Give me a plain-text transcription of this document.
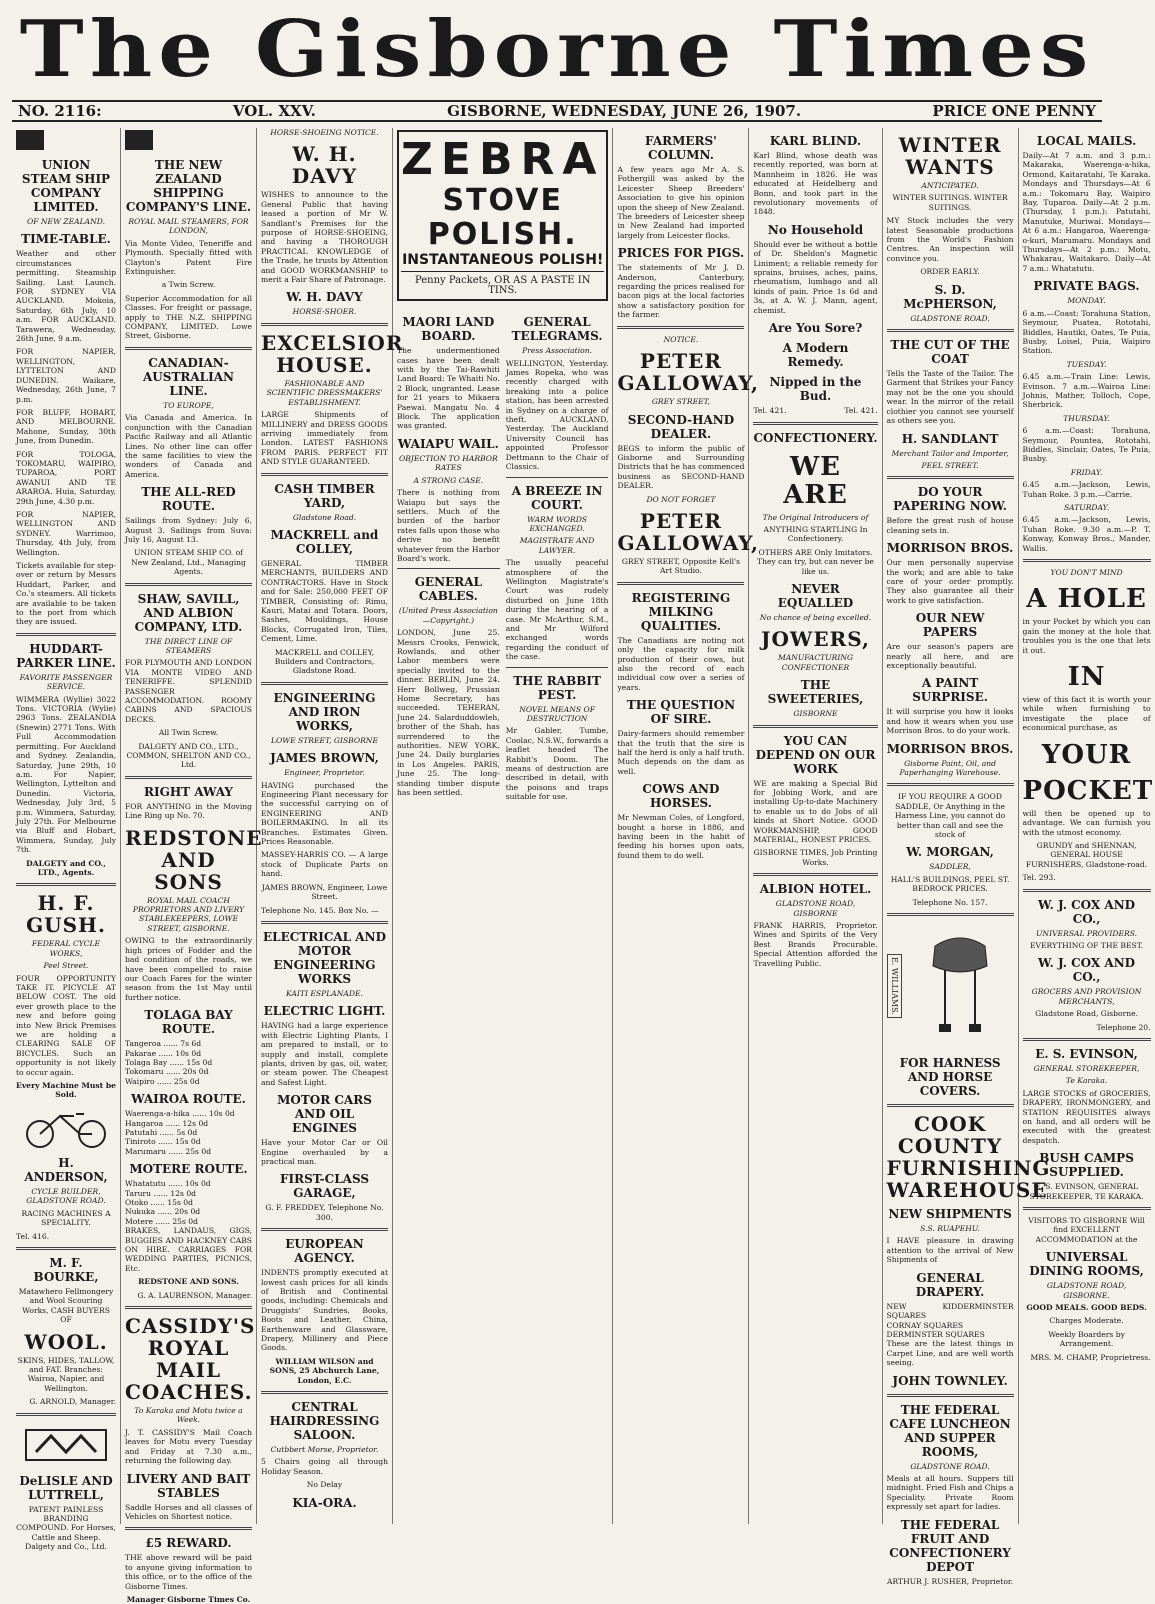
The Gisborne Times
NO. 2116:	VOL. XXV.	GISBORNE, WEDNESDAY, JUNE 26, 1907.	PRICE ONE PENNY
UNION STEAM SHIP COMPANY LIMITED.
OF NEW ZEALAND.
TIME-TABLE.

Weather and other circumstances permitting. Steamship Sailing. Last Launch. FOR SYDNEY VIA AUCKLAND. Mokoia, Saturday, 6th July, 10 a.m. FOR AUCKLAND. Tarawera, Wednesday, 26th June, 9 a.m.

FOR NAPIER, WELLINGTON, LYTTELTON AND DUNEDIN. Waikare, Wednesday, 26th June, 7 p.m.

FOR BLUFF, HOBART, AND MELBOURNE. Mahone, Sunday, 30th June, from Dunedin.

FOR TOLOGA, TOKOMARU, WAIPIRO, TUPAROA, PORT AWANUI AND TE ARAROA. Huia, Saturday, 29th June, 4.30 p.m.

FOR NAPIER, WELLINGTON AND SYDNEY. Warrimoo, Thursday, 4th July, from Wellington.

Tickets available for step-over or return by Messrs Huddart, Parker, and Co.'s steamers. All tickets are available to be taken to the port from which they are issued.

HUDDART-PARKER LINE.
FAVORITE PASSENGER SERVICE.

WIMMERA (Wyllie) 3022 Tons. VICTORIA (Wylie) 2963 Tons. ZEALANDIA (Snewin) 2771 Tons. With Full Accommodation permitting. For Auckland and Sydney. Zealandia, Saturday, June 29th, 10 a.m. For Napier, Wellington, Lyttelton and Dunedin. Victoria, Wednesday, July 3rd, 5 p.m. Wimmera, Saturday, July 27th. For Melbourne via Bluff and Hobart, Wimmera, Sunday, July 7th.

DALGETY and CO., LTD., Agents.

H. F. GUSH.
FEDERAL CYCLE WORKS,
Peel Street.

FOUR OPPORTUNITY TAKE IT. PICYCLE AT BELOW COST. The old ever growth place to the new and before going into New Brick Premises we are holding a CLEARING SALE OF BICYCLES. Such an opportunity is not likely to occur again.

Every Machine Must be Sold.

H. ANDERSON,
CYCLE BUILDER, GLADSTONE ROAD.

RACING MACHINES A SPECIALITY.

Tel. 416.

M. F. BOURKE,

Matawhero Fellmongery and Wool Scouring Works, CASH BUYERS OF

WOOL.

SKINS, HIDES, TALLOW, and FAT. Branches: Wairoa, Napier, and Wellington.

G. ARNOLD, Manager.

DeLISLE AND LUTTRELL,

PATENT PAINLESS BRANDING COMPOUND. For Horses, Cattle and Sheep. Dalgety and Co., Ltd.

THE NEW ZEALAND SHIPPING COMPANY'S LINE.
ROYAL MAIL STEAMERS, FOR LONDON,

Via Monte Video, Teneriffe and Plymouth. Specially fitted with Clayton's Patent Fire Extinguisher.

a Twin Screw.

Superior Accommodation for all Classes. For freight or passage, apply to THE N.Z. SHIPPING COMPANY, LIMITED. Lowe Street, Gisborne.

CANADIAN-AUSTRALIAN LINE.
TO EUROPE,

Via Canada and America. In conjunction with the Canadian Pacific Railway and all Atlantic Lines. No other line can offer the same facilities to view the wonders of Canada and America.

THE ALL-RED ROUTE.

Sailings from Sydney: July 6, August 3. Sailings from Suva: July 16, August 13.

UNION STEAM SHIP CO. of New Zealand, Ltd., Managing Agents.

SHAW, SAVILL, AND ALBION COMPANY, LTD.
THE DIRECT LINE OF STEAMERS

FOR PLYMOUTH AND LONDON VIA MONTE VIDEO AND TENERIFFE. SPLENDID PASSENGER ACCOMMODATION. ROOMY CABINS AND SPACIOUS DECKS.

All Twin Screw.

DALGETY AND CO., LTD., COMMON, SHELTON AND CO., Ltd.

RIGHT AWAY

FOR ANYTHING in the Moving Line Ring up No. 70.

REDSTONE AND SONS
ROYAL MAIL COACH PROPRIETORS AND LIVERY STABLEKEEPERS, LOWE STREET, GISBORNE.

OWING to the extraordinarily high prices of Fodder and the bad condition of the roads, we have been compelled to raise our Coach Fares for the winter season from the 1st May until further notice.

TOLAGA BAY ROUTE.
Tangeroa ...... 7s 6d
Pakarae ...... 10s 0d
Tolaga Bay ...... 15s 0d
Tokomaru ...... 20s 0d
Waipiro ...... 25s 0d
WAIROA ROUTE.
Waerenga-a-hika ...... 10s 0d
Hangaroa ...... 12s 0d
Patutahi ...... 5s 0d
Tiniroto ...... 15s 0d
Marumaru ...... 25s 0d
MOTERE ROUTE.
Whatatutu ...... 10s 0d
Taruru ...... 12s 0d
Otoko ...... 15s 0d
Nukuka ...... 20s 0d
Motere ...... 25s 0d

BRAKES, LANDAUS, GIGS, BUGGIES AND HACKNEY CABS ON HIRE. CARRIAGES FOR WEDDING PARTIES, PICNICS, Etc.

REDSTONE AND SONS.

G. A. LAURENSON, Manager.

CASSIDY'S ROYAL MAIL COACHES.
To Karaka and Motu twice a Week.

J. T. CASSIDY'S Mail Coach leaves for Motu every Tuesday and Friday at 7.30 a.m., returning the following day.

LIVERY AND BAIT STABLES

Saddle Horses and all classes of Vehicles on Shortest notice.

£5 REWARD.

THE above reward will be paid to anyone giving information to this office, or to the office of the Gisborne Times.

Manager Gisborne Times Co.

HORSE-SHOEING NOTICE.
W. H. DAVY

WISHES to announce to the General Public that having leased a portion of Mr W. Sandlant's Premises for the purpose of HORSE-SHOEING, and having a THOROUGH PRACTICAL KNOWLEDGE of the Trade, he trusts by Attention and GOOD WORKMANSHIP to merit a Fair Share of Patronage.

W. H. DAVY
HORSE-SHOER.
EXCELSIOR HOUSE.
FASHIONABLE AND SCIENTIFIC DRESSMAKERS' ESTABLISHMENT.

LARGE Shipments of MILLINERY and DRESS GOODS arriving immediately from London. LATEST FASHIONS FROM PARIS. PERFECT FIT AND STYLE GUARANTEED.

CASH TIMBER YARD,
Gladstone Road.
MACKRELL and COLLEY,

GENERAL TIMBER MERCHANTS, BUILDERS AND CONTRACTORS. Have in Stock and for Sale: 250,000 FEET OF TIMBER, Consisting of: Rimu, Kauri, Matai and Totara. Doors, Sashes, Mouldings, House Blocks, Corrugated Iron, Tiles, Cement, Lime.

MACKRELL and COLLEY, Builders and Contractors, Gladstone Road.

ENGINEERING AND IRON WORKS,
LOWE STREET, GISBORNE
JAMES BROWN,
Engineer, Proprietor.

HAVING purchased the Engineering Plant necessary for the successful carrying on of ENGINEERING AND BOILERMAKING. In all its Branches. Estimates Given. Prices Reasonable.

MASSEY-HARRIS CO. — A large stock of Duplicate Parts on hand.

JAMES BROWN, Engineer, Lowe Street.

Telephone No. 145. Box No. —

ELECTRICAL AND MOTOR ENGINEERING WORKS
KAITI ESPLANADE.
ELECTRIC LIGHT.

HAVING had a large experience with Electric Lighting Plants, I am prepared to install, or to supply and install, complete plants, driven by gas, oil, water, or steam power. The Cheapest and Safest Light.

MOTOR CARS AND OIL ENGINES

Have your Motor Car or Oil Engine overhauled by a practical man.

FIRST-CLASS GARAGE,

G. F. FREDDEY, Telephone No. 300.

EUROPEAN AGENCY.

INDENTS promptly executed at lowest cash prices for all kinds of British and Continental goods, including: Chemicals and Druggists' Sundries, Books, Boots and Leather, China, Earthenware and Glassware, Drapery, Millinery and Piece Goods.

WILLIAM WILSON and SONS, 25 Abchurch Lane, London, E.C.

CENTRAL HAIRDRESSING SALOON.
Cutbbert Morse, Proprietor.

5 Chairs going all through Holiday Season.

No Delay

KIA-ORA.
ZEBRA
STOVE POLISH.
INSTANTANEOUS POLISH!
Penny Packets, OR AS A PASTE IN TINS.
MAORI LAND BOARD.

The undermentioned cases have been dealt with by the Tai-Rawhiti Land Board: Te Whaiti No. 2 Block, ungranted. Lease for 21 years to Mikaera Paewai. Mangatu No. 4 Block. The application was granted.

WAIAPU WAIL.
OBJECTION TO HARBOR RATES
A STRONG CASE.

There is nothing from Waiapu but says the settlers. Much of the burden of the harbor rates falls upon those who derive no benefit whatever from the Harbor Board's work.

GENERAL CABLES.
(United Press Association—Copyright.)

LONDON, June 25. Messrs Crooks, Fenwick, Rowlands, and other Labor members were specially invited to the dinner. BERLIN, June 24. Herr Bollweg, Prussian Home Secretary, has succeeded. TEHERAN, June 24. Salarduddowleh, brother of the Shah, has surrendered to the authorities. NEW YORK, June 24. Daily burglaries in Los Angeles. PARIS, June 25. The long-standing timber dispute has been settled.

GENERAL TELEGRAMS.
Press Association.

WELLINGTON, Yesterday. James Ropeka, who was recently charged with breaking into a police station, has been arrested in Sydney on a charge of theft. AUCKLAND, Yesterday. The Auckland University Council has appointed Professor Dettmann to the Chair of Classics.

A BREEZE IN COURT.
WARM WORDS EXCHANGED.
MAGISTRATE AND LAWYER.

The usually peaceful atmosphere of the Wellington Magistrate's Court was rudely disturbed on June 18th during the hearing of a case. Mr McArthur, S.M., and Mr Wilford exchanged words regarding the conduct of the case.

THE RABBIT PEST.
NOVEL MEANS OF DESTRUCTION

Mr Gabler, Tumbe, Coolac, N.S.W., forwards a leaflet headed The Rabbit's Doom. The means of destruction are described in detail, with the poisons and traps suitable for use.

FARMERS' COLUMN.

A few years ago Mr A. S. Fothergill was asked by the Leicester Sheep Breeders' Association to give his opinion upon the sheep of New Zealand. The breeders of Leicester sheep in New Zealand had imported largely from Leicester flocks.

PRICES FOR PIGS.

The statements of Mr J. D. Anderson, Canterbury, regarding the prices realised for bacon pigs at the local factories show a satisfactory position for the farmer.

NOTICE.
PETER GALLOWAY,
GREY STREET,
SECOND-HAND DEALER.

BEGS to inform the public of Gisborne and Surrounding Districts that he has commenced business as SECOND-HAND DEALER.

DO NOT FORGET
PETER GALLOWAY,

GREY STREET, Opposite Kell's Art Studio.

REGISTERING MILKING QUALITIES.

The Canadians are noting not only the capacity for milk production of their cows, but also the record of each individual cow over a series of years.

THE QUESTION OF SIRE.

Dairy-farmers should remember that the truth that the sire is half the herd is only a half truth. Much depends on the dam as well.

COWS AND HORSES.

Mr Newman Coles, of Longford, bought a horse in 1886, and having been in the habit of feeding his horses upon oats, found them to do well.

KARL BLIND.

Karl Blind, whose death was recently reported, was born at Mannheim in 1826. He was educated at Heidelberg and Bonn, and took part in the revolutionary movements of 1848.

No Household

Should ever be without a bottle of Dr. Sheldon's Magnetic Liniment; a reliable remedy for sprains, bruises, aches, pains, rheumatism, lumbago and all kinds of pain. Price 1s 6d and 3s, at A. W. J. Mann, agent, chemist.

Are You Sore?
A Modern Remedy.
Nipped in the Bud.
Tel. 421.	Tel. 421.
CONFECTIONERY.
WE ARE
The Original Introducers of

ANYTHING STARTLING In Confectionery.

OTHERS ARE Only Imitators. They can try, but can never be like us.

NEVER EQUALLED
No chance of being excelled.
JOWERS,
MANUFACTURING CONFECTIONER
THE SWEETERIES,
GISBORNE
YOU CAN DEPEND ON OUR WORK

WE are making a Special Bid for Jobbing Work, and are installing Up-to-date Machinery to enable us to do Jobs of all kinds at Short Notice. GOOD WORKMANSHIP, GOOD MATERIAL, HONEST PRICES.

GISBORNE TIMES, Job Printing Works.

ALBION HOTEL.
GLADSTONE ROAD, GISBORNE

FRANK HARRIS, Proprietor. Wines and Spirits of the Very Best Brands Procurable. Special Attention afforded the Travelling Public.

WINTER WANTS
ANTICIPATED.

WINTER SUITINGS. WINTER SUITINGS.

MY Stock includes the very latest Seasonable productions from the World's Fashion Centres. An inspection will convince you.

ORDER EARLY.

S. D. McPHERSON,
GLADSTONE ROAD.
THE CUT OF THE COAT

Tells the Taste of the Tailor. The Garment that Strikes your Fancy may not be the one you should wear. In the mirror of the retail clothier you cannot see yourself as others see you.

H. SANDLANT
Merchant Tailor and Importer,
PEEL STREET.
DO YOUR PAPERING NOW.

Before the great rush of house cleaning sets in.

MORRISON BROS.

Our men personally supervise the work; and are able to take care of your order promptly. They also guarantee all their work to give satisfaction.

OUR NEW PAPERS

Are our season's papers are nearly all here, and are exceptionally beautiful.

A PAINT SURPRISE.

It will surprise you how it looks and how it wears when you use Morrison Bros. to do your work.

MORRISON BROS.
Gisborne Paint, Oil, and Paperhanging Warehouse.

IF YOU REQUIRE A GOOD SADDLE, Or Anything in the Harness Line, you cannot do better than call and see the stock of

W. MORGAN,
SADDLER,

HALL'S BUILDINGS, PEEL ST. BEDROCK PRICES.

Telephone No. 157.

E. WILLIAMS.
FOR HARNESS AND HORSE COVERS.
COOK COUNTY FURNISHING WAREHOUSE
NEW SHIPMENTS
S.S. RUAPEHU.

I HAVE pleasure in drawing attention to the arrival of New Shipments of

GENERAL DRAPERY.
NEW KIDDERMINSTER SQUARES
CORNAY SQUARES
DERMINSTER SQUARES

These are the latest things in Carpet Line, and are well worth seeing.

JOHN TOWNLEY.
THE FEDERAL CAFE LUNCHEON AND SUPPER ROOMS,
GLADSTONE ROAD.

Meals at all hours. Suppers till midnight. Fried Fish and Chips a Speciality. Private Room expressly set apart for ladies.

THE FEDERAL FRUIT AND CONFECTIONERY DEPOT

ARTHUR J. RUSHER, Proprietor.

LOCAL MAILS.

Daily—At 7 a.m. and 3 p.m.: Makaraka, Waerenga-a-hika, Ormond, Kaitaratahi, Te Karaka. Mondays and Thursdays—At 6 a.m.: Tokomaru Bay, Waipiro Bay, Tuparoa. Daily—At 2 p.m. (Thursday, 1 p.m.): Patutahi, Manutuke, Muriwai. Mondays—At 6 a.m.: Hangaroa, Waerenga-o-kuri, Marumaru. Mondays and Thursdays—At 2 p.m.: Motu, Whakarau, Waitakaro. Daily—At 7 a.m.: Whatatutu.

PRIVATE BAGS.
MONDAY.

6 a.m.—Coast: Torahuna Station, Seymour, Puatea, Rototahi, Biddles, Hautiki, Oates, Te Puia, Busby, Loisel, Puia, Waipiro Station.

TUESDAY.

6.45 a.m.—Train Line: Lewis, Evinson. 7 a.m.—Wairoa Line: Johnis, Mather, Tolloch, Cope, Sherbrick.

THURSDAY.

6 a.m.—Coast: Torahuna, Seymour, Pountea, Rototahi, Biddles, Sinclair, Oates, Te Puia, Busby.

FRIDAY.

6.45 a.m.—Jackson, Lewis, Tuhan Roke. 3 p.m.—Carrie.

SATURDAY.

6.45 a.m.—Jackson, Lewis, Tuhan Roke. 9.30 a.m.—P. T. Konway, Konway Bros., Mander, Wallis.

YOU DON'T MIND
A HOLE

in your Pocket by which you can gain the money at the hole that troubles you is the one that lets it out.

IN

view of this fact it is worth your while when furnishing to investigate the place of economical purchase, as

YOUR
POCKET

will then be opened up to advantage. We can furnish you with the utmost economy.

GRUNDY and SHENNAN, GENERAL HOUSE FURNISHERS, Gladstone-road.

Tel. 293.

W. J. COX AND CO.,
UNIVERSAL PROVIDERS.

EVERYTHING OF THE BEST.

W. J. COX AND CO.,
GROCERS AND PROVISION MERCHANTS,

Gladstone Road, Gisborne.

Telephone 20.

E. S. EVINSON,
GENERAL STOREKEEPER,
Te Karaka.

LARGE STOCKS of GROCERIES, DRAPERY, IRONMONGERY, and STATION REQUISITES always on hand, and all orders will be executed with the greatest despatch.

BUSH CAMPS SUPPLIED.

E. S. EVINSON, GENERAL STOREKEEPER, TE KARAKA.

VISITORS TO GISBORNE Will find EXCELLENT ACCOMMODATION at the

UNIVERSAL DINING ROOMS,
GLADSTONE ROAD, GISBORNE.

GOOD MEALS. GOOD BEDS.

Charges Moderate.

Weekly Boarders by Arrangement.

MRS. M. CHAMP, Proprietress.
